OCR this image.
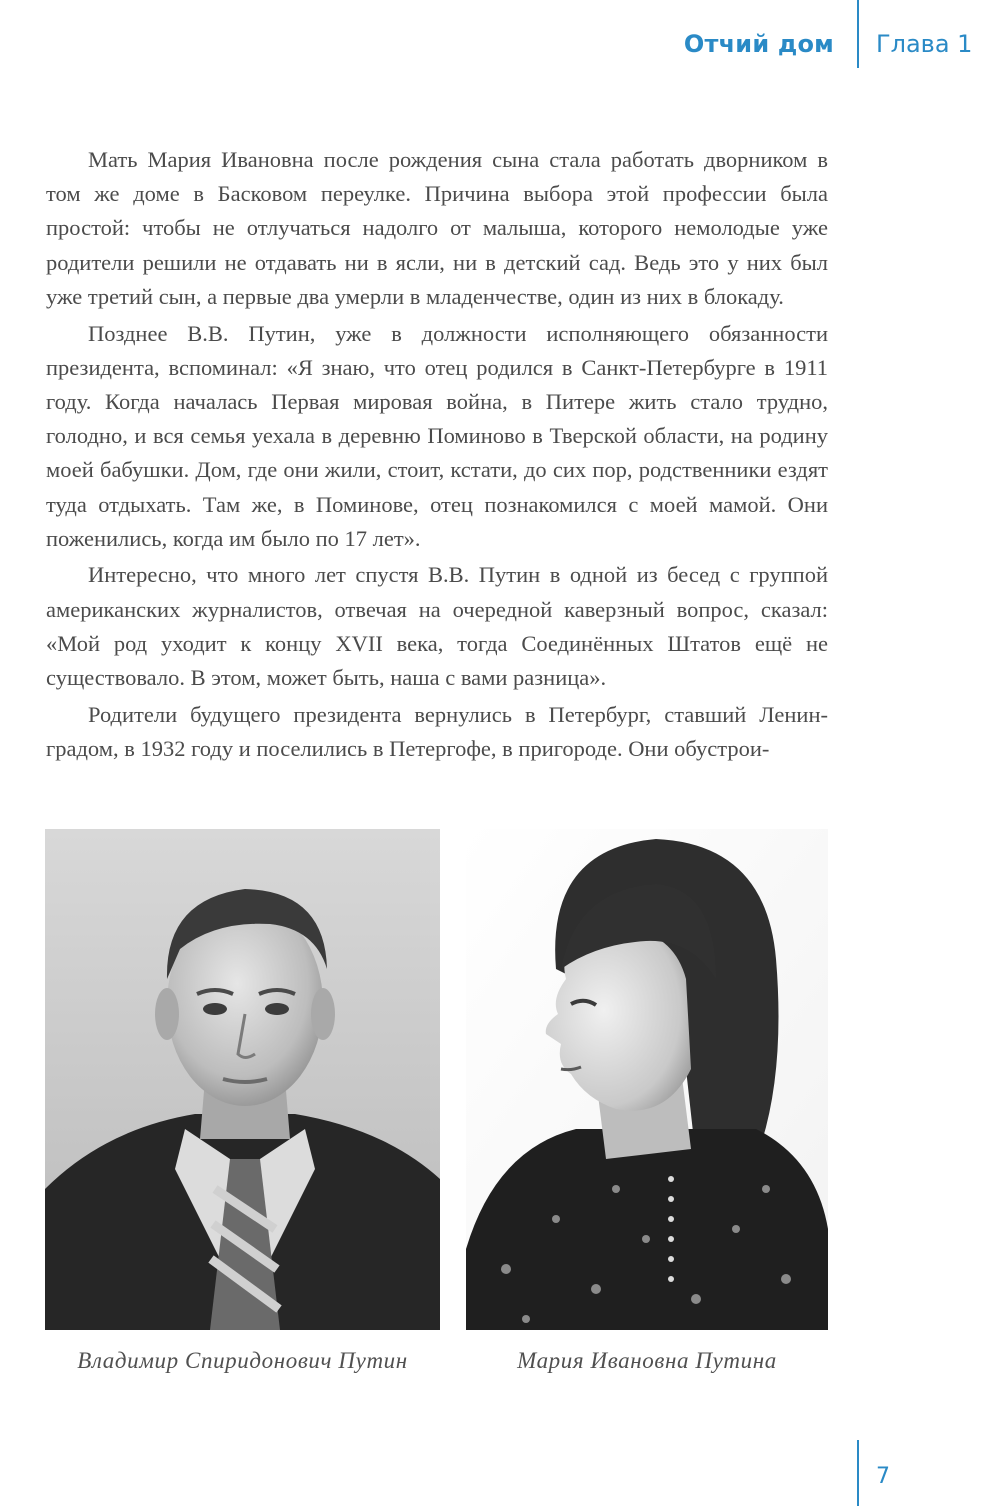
Отчий дом Глава 1

Мать Мария Ивановна после рождения сына стала работать дворником в том же доме в Басковом переулке. Причина выбора этой профессии была простой: чтобы не отлучаться надолго от малыша, которого немолодые уже родители решили не отдавать ни в ясли, ни в детский сад. Ведь это у них был уже третий сын, а первые два умерли в младенчестве, один из них в блокаду.

Позднее В.В. Путин, уже в должности исполняющего обязанности президента, вспоминал: «Я знаю, что отец родился в Санкт-Петербурге в 1911 году. Когда началась Первая мировая война, в Питере жить стало трудно, голодно, и вся семья уехала в деревню Поминово в Тверской области, на родину моей бабушки. Дом, где они жили, стоит, кстати, до сих пор, родственники ездят туда отдыхать. Там же, в Поминове, отец познакомился с моей мамой. Они поженились, когда им было по 17 лет».

Интересно, что много лет спустя В.В. Путин в одной из бесед с группой американских журналистов, отвечая на очередной каверзный вопрос, сказал: «Мой род уходит к концу XVII века, тогда Соединённых Штатов ещё не существовало. В этом, может быть, наша с вами разница».

Родители будущего президента вернулись в Петербург, ставший Ленинградом, в 1932 году и поселились в Петергофе, в пригороде. Они обустрои-

Владимир Спиридонович Путин	Мария Ивановна Путина
7
